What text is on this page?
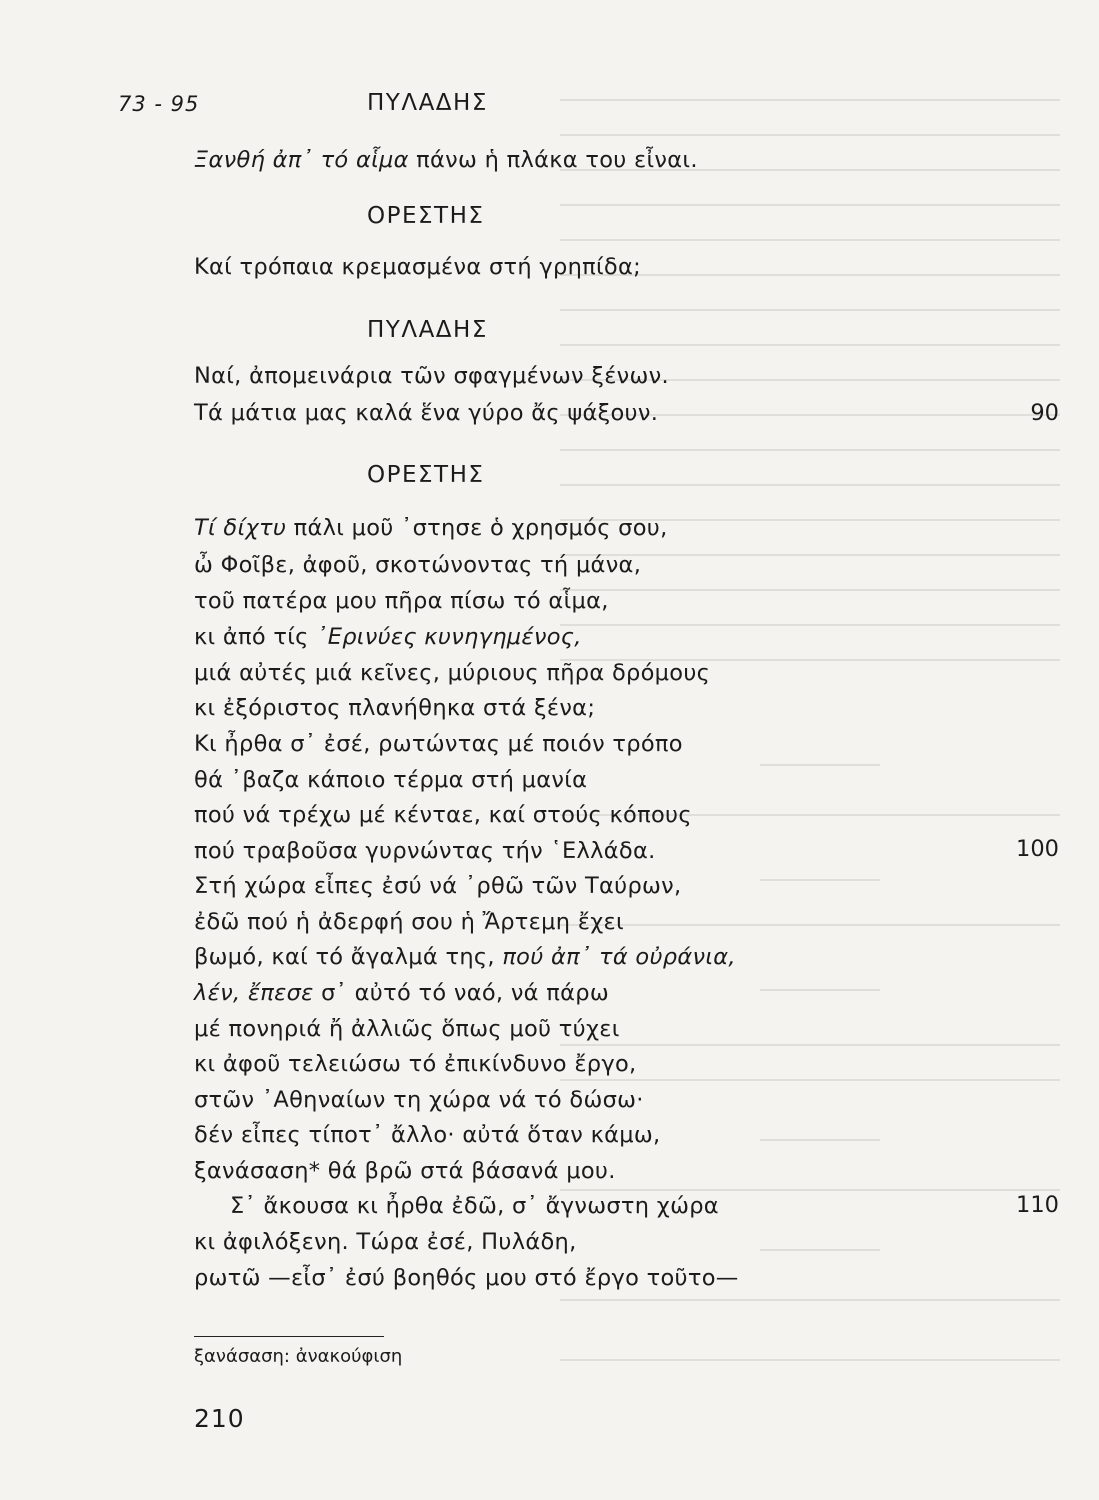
73 - 95	ΠΥΛΑΔΗΣ
Ξανθή ἀπ᾽ τό αἷμα πάνω ἡ πλάκα του εἶναι.
ΟΡΕΣΤΗΣ
Καί τρόπαια κρεμασμένα στή γρηπίδα;
ΠΥΛΑΔΗΣ
Ναί, ἀπομεινάρια τῶν σφαγμένων ξένων.
Τά μάτια μας καλά ἕνα γύρο ἄς ψάξουν.	90
ΟΡΕΣΤΗΣ
Τί δίχτυ πάλι μοῦ ᾽στησε ὁ χρησμός σου,
ὦ Φοῖβε, ἀφοῦ, σκοτώνοντας τή μάνα,
τοῦ πατέρα μου πῆρα πίσω τό αἷμα,
κι ἀπό τίς ᾽Ερινύες κυνηγημένος,
μιά αὐτές μιά κεῖνες, μύριους πῆρα δρόμους
κι ἐξόριστος πλανήθηκα στά ξένα;
Κι ἦρθα σ᾽ ἐσέ, ρωτώντας μέ ποιόν τρόπο
θά ᾽βαζα κάποιο τέρμα στή μανία
πού νά τρέχω μέ κένταε, καί στούς κόπους
πού τραβοῦσα γυρνώντας τήν ῾Ελλάδα.	100
Στή χώρα εἶπες ἐσύ νά ᾽ρθῶ τῶν Ταύρων,
ἐδῶ πού ἡ ἀδερφή σου ἡ Ἄρτεμη ἔχει
βωμό, καί τό ἄγαλμά της, πού ἀπ᾽ τά οὐράνια,
λέν, ἔπεσε σ᾽ αὐτό τό ναό, νά πάρω
μέ πονηριά ἤ ἀλλιῶς ὅπως μοῦ τύχει
κι ἀφοῦ τελειώσω τό ἐπικίνδυνο ἔργο,
στῶν ᾽Αθηναίων τη χώρα νά τό δώσω·
δέν εἶπες τίποτ᾽ ἄλλο· αὐτά ὅταν κάμω,
ξανάσαση* θά βρῶ στά βάσανά μου.
Σ᾽ ἄκουσα κι ἦρθα ἐδῶ, σ᾽ ἄγνωστη χώρα	110
κι ἀφιλόξενη. Τώρα ἐσέ, Πυλάδη,
ρωτῶ —εἶσ᾽ ἐσύ βοηθός μου στό ἔργο τοῦτο—
ξανάσαση: ἀνακούφιση
210
